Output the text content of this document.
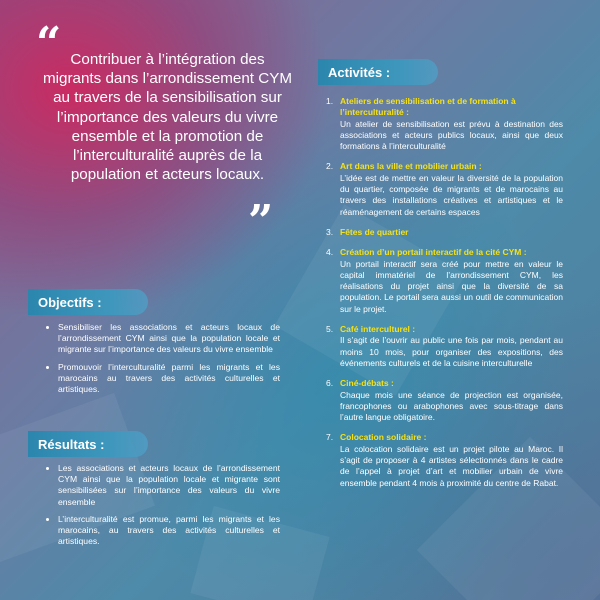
“ Contribuer à l’intégration des migrants dans l’arrondissement CYM au travers de la sensibilisation sur l’importance des valeurs du vivre ensemble et la promotion de l’interculturalité auprès de la population et acteurs locaux.
”
Objectifs :
• Sensibiliser les associations et acteurs locaux de l’arrondissement CYM ainsi que la population locale et migrante sur l’importance des valeurs du vivre ensemble
• Promouvoir l’interculturalité parmi les migrants et les marocains au travers des activités culturelles et artistiques.
Résultats :
• Les associations et acteurs locaux de l’arrondissement CYM ainsi que la population locale et migrante sont sensibilisées sur l’importance des valeurs du vivre ensemble
• L’interculturalité est promue, parmi les migrants et les marocains, au travers des activités culturelles et artistiques.
Activités :
1. Ateliers de sensibilisation et de formation à l’interculturalité :
Un atelier de sensibilisation est prévu à destination des associations et acteurs publics locaux, ainsi que deux formations à l’interculturalité
2. Art dans la ville et mobilier urbain :
L’idée est de mettre en valeur la diversité de la population du quartier, composée de migrants et de marocains au travers des installations créatives et artistiques et le réaménagement de certains espaces
3. Fêtes de quartier
4. Création d’un portail interactif de la cité CYM :
Un portail interactif sera créé pour mettre en valeur le capital immatériel de l’arrondissement CYM, les réalisations du projet ainsi que la diversité de sa population. Le portail sera aussi un outil de communication sur le projet.
5. Café interculturel :
Il s’agit de l’ouvrir au public une fois par mois, pendant au moins 10 mois, pour organiser des expositions, des événements culturels et de la cuisine interculturelle
6. Ciné-débats :
Chaque mois une séance de projection est organisée, francophones ou arabophones avec sous-titrage dans l’autre langue obligatoire.
7. Colocation solidaire :
La colocation solidaire est un projet pilote au Maroc. Il s’agit de proposer à 4 artistes sélectionnés dans le cadre de l’appel à projet d’art et mobilier urbain de vivre ensemble pendant 4 mois à proximité du centre de Rabat.
